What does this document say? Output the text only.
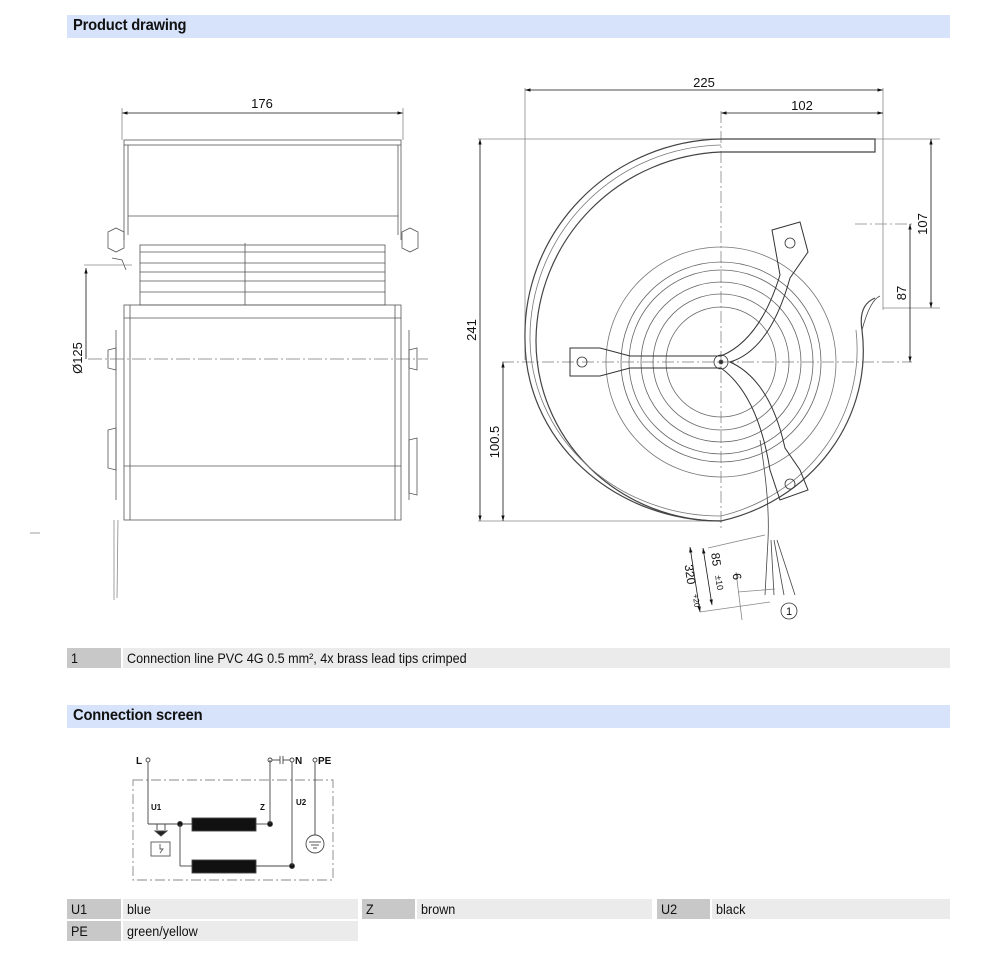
Product drawing
Connection screen
176
Ø125
225
102
241
100.5
107
87
320
+20
85
±10 6
1
1	Connection line PVC 4G 0.5 mm², 4x brass lead tips crimped
L	N PE
U1	Z
U2
U1	blue	Z	brown	U2	black
PE	green/yellow
